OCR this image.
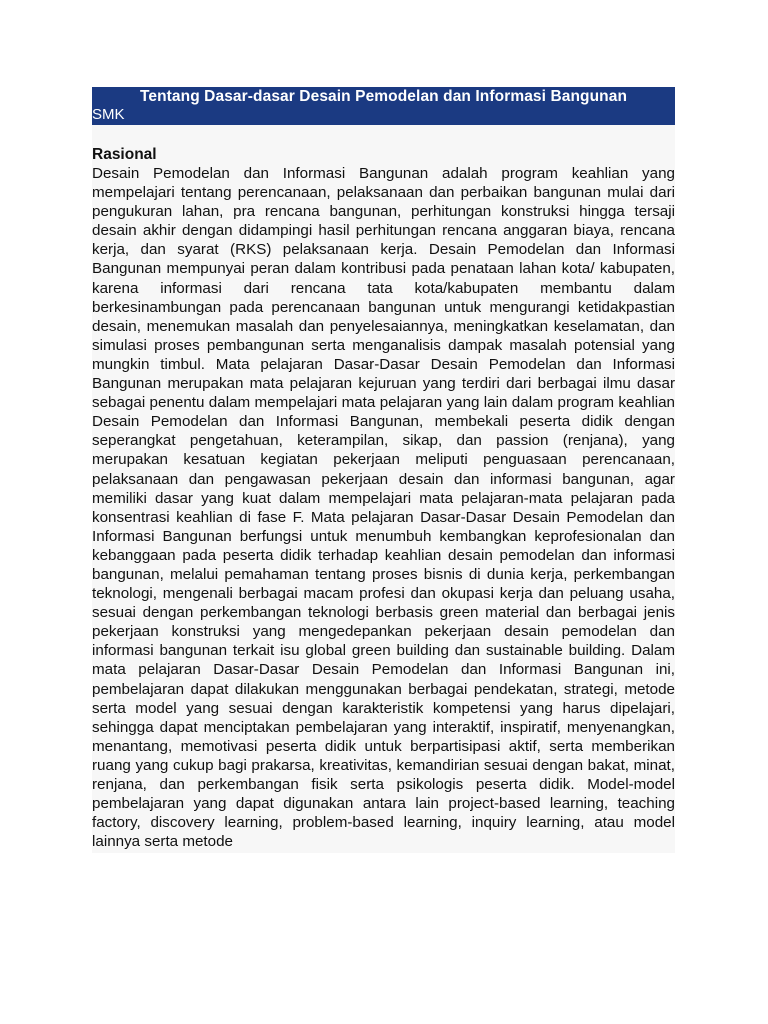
Tentang Dasar-dasar Desain Pemodelan dan Informasi Bangunan
SMK

Rasional

Desain Pemodelan dan Informasi Bangunan adalah program keahlian yang mempelajari tentang perencanaan, pelaksanaan dan perbaikan bangunan mulai dari pengukuran lahan, pra rencana bangunan, perhitungan konstruksi hingga tersaji desain akhir dengan didampingi hasil perhitungan rencana anggaran biaya, rencana kerja, dan syarat (RKS) pelaksanaan kerja. Desain Pemodelan dan Informasi Bangunan mempunyai peran dalam kontribusi pada penataan lahan kota/ kabupaten, karena informasi dari rencana tata kota/kabupaten membantu dalam berkesinambungan pada perencanaan bangunan untuk mengurangi ketidakpastian desain, menemukan masalah dan penyelesaiannya, meningkatkan keselamatan, dan simulasi proses pembangunan serta menganalisis dampak masalah potensial yang mungkin timbul. Mata pelajaran Dasar-Dasar Desain Pemodelan dan Informasi Bangunan merupakan mata pelajaran kejuruan yang terdiri dari berbagai ilmu dasar sebagai penentu dalam mempelajari mata pelajaran yang lain dalam program keahlian Desain Pemodelan dan Informasi Bangunan, membekali peserta didik dengan seperangkat pengetahuan, keterampilan, sikap, dan passion (renjana), yang merupakan kesatuan kegiatan pekerjaan meliputi penguasaan perencanaan, pelaksanaan dan pengawasan pekerjaan desain dan informasi bangunan, agar memiliki dasar yang kuat dalam mempelajari mata pelajaran-mata pelajaran pada konsentrasi keahlian di fase F. Mata pelajaran Dasar-Dasar Desain Pemodelan dan Informasi Bangunan berfungsi untuk menumbuh kembangkan keprofesionalan dan kebanggaan pada peserta didik terhadap keahlian desain pemodelan dan informasi bangunan, melalui pemahaman tentang proses bisnis di dunia kerja, perkembangan teknologi, mengenali berbagai macam profesi dan okupasi kerja dan peluang usaha, sesuai dengan perkembangan teknologi berbasis green material dan berbagai jenis pekerjaan konstruksi yang mengedepankan pekerjaan desain pemodelan dan informasi bangunan terkait isu global green building dan sustainable building. Dalam mata pelajaran Dasar-Dasar Desain Pemodelan dan Informasi Bangunan ini, pembelajaran dapat dilakukan menggunakan berbagai pendekatan, strategi, metode serta model yang sesuai dengan karakteristik kompetensi yang harus dipelajari, sehingga dapat menciptakan pembelajaran yang interaktif, inspiratif, menyenangkan, menantang, memotivasi peserta didik untuk berpartisipasi aktif, serta memberikan ruang yang cukup bagi prakarsa, kreativitas, kemandirian sesuai dengan bakat, minat, renjana, dan perkembangan fisik serta psikologis peserta didik. Model-model pembelajaran yang dapat digunakan antara lain project-based learning, teaching factory, discovery learning, problem-based learning, inquiry learning, atau model lainnya serta metode
